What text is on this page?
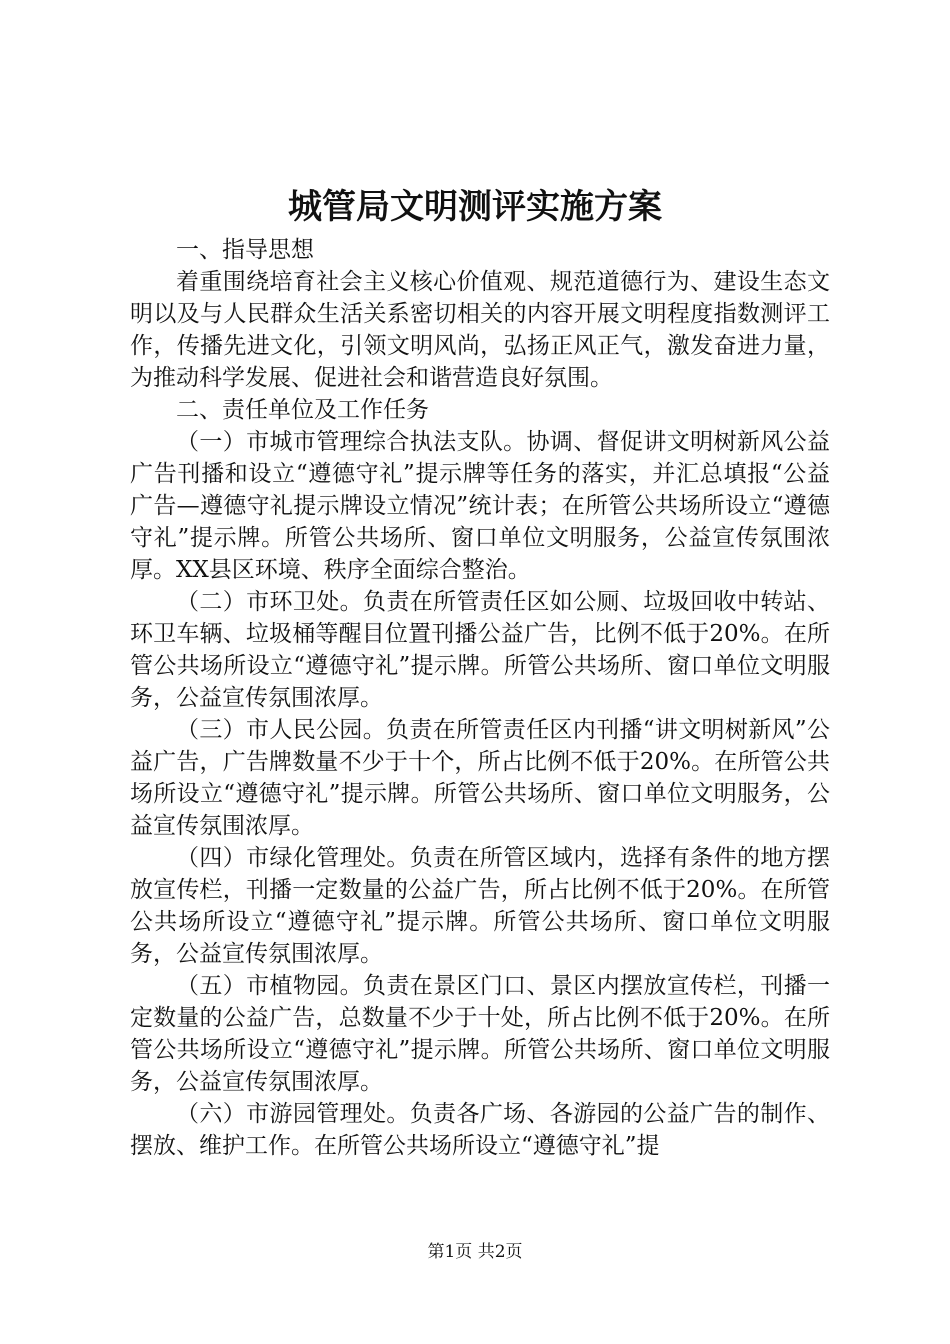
城管局文明测评实施方案

一、指导思想

着重围绕培育社会主义核心价值观、规范道德行为、建设生态文明以及与人民群众生活关系密切相关的内容开展文明程度指数测评工作，传播先进文化，引领文明风尚，弘扬正风正气，激发奋进力量，为推动科学发展、促进社会和谐营造良好氛围。

二、责任单位及工作任务

（一）市城市管理综合执法支队。协调、督促讲文明树新风公益广告刊播和设立“遵德守礼”提示牌等任务的落实，并汇总填报“公益广告—遵德守礼提示牌设立情况”统计表；在所管公共场所设立“遵德守礼”提示牌。所管公共场所、窗口单位文明服务，公益宣传氛围浓厚。XX县区环境、秩序全面综合整治。

（二）市环卫处。负责在所管责任区如公厕、垃圾回收中转站、环卫车辆、垃圾桶等醒目位置刊播公益广告，比例不低于20%。在所管公共场所设立“遵德守礼”提示牌。所管公共场所、窗口单位文明服务，公益宣传氛围浓厚。

（三）市人民公园。负责在所管责任区内刊播“讲文明树新风”公益广告，广告牌数量不少于十个，所占比例不低于20%。在所管公共场所设立“遵德守礼”提示牌。所管公共场所、窗口单位文明服务，公益宣传氛围浓厚。

（四）市绿化管理处。负责在所管区域内，选择有条件的地方摆放宣传栏，刊播一定数量的公益广告，所占比例不低于20%。在所管公共场所设立“遵德守礼”提示牌。所管公共场所、窗口单位文明服务，公益宣传氛围浓厚。

（五）市植物园。负责在景区门口、景区内摆放宣传栏，刊播一定数量的公益广告，总数量不少于十处，所占比例不低于20%。在所管公共场所设立“遵德守礼”提示牌。所管公共场所、窗口单位文明服务，公益宣传氛围浓厚。

（六）市游园管理处。负责各广场、各游园的公益广告的制作、摆放、维护工作。在所管公共场所设立“遵德守礼”提

第1页 共2页
